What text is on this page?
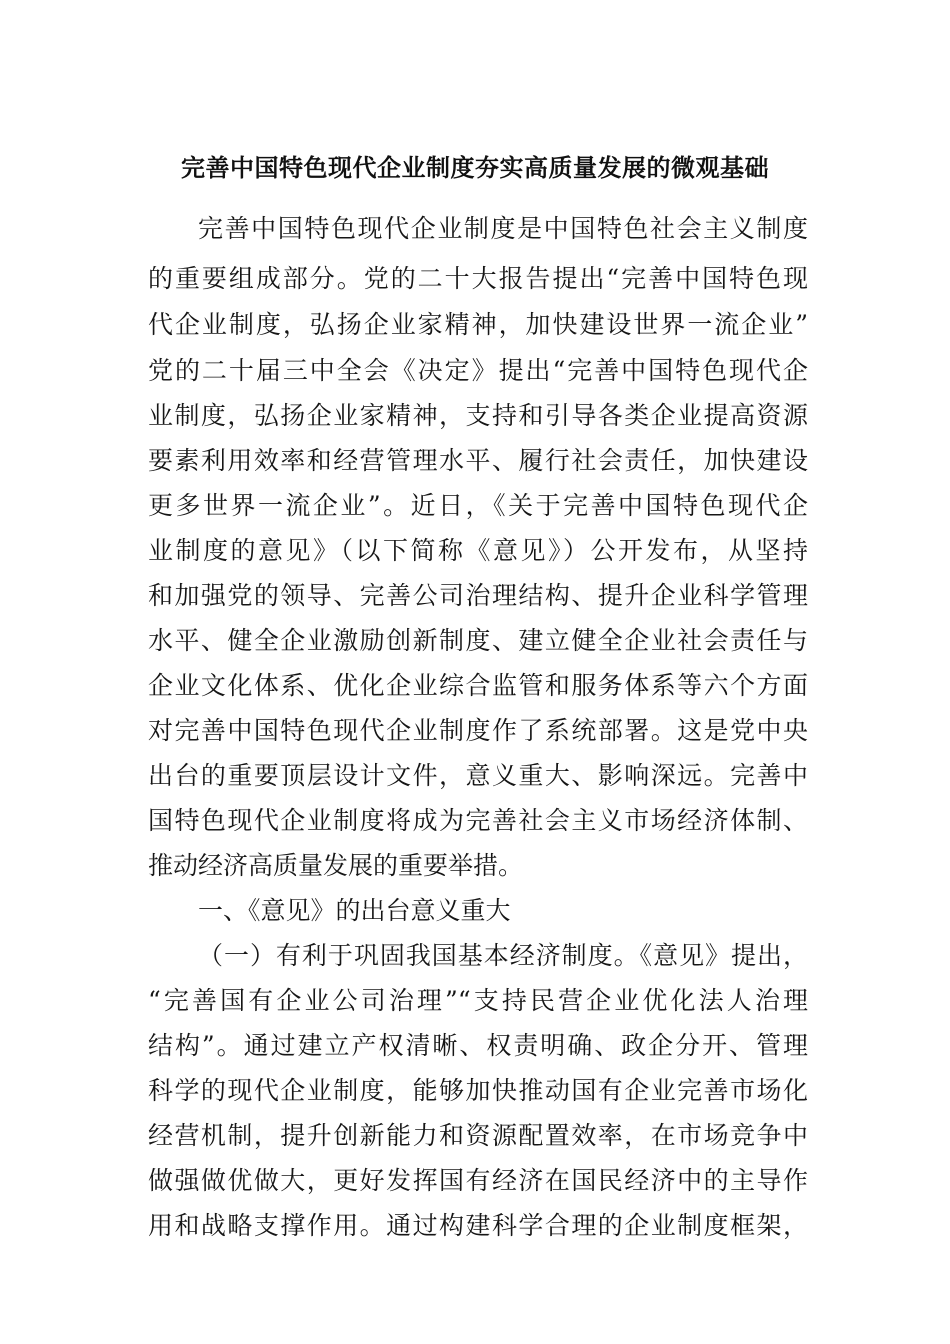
完善中国特色现代企业制度夯实高质量发展的微观基础
完善中国特色现代企业制度是中国特色社会主义制度
的重要组成部分。党的二十大报告提出“完善中国特色现
代企业制度，弘扬企业家精神，加快建设世界一流企业”
党的二十届三中全会《决定》提出“完善中国特色现代企
业制度，弘扬企业家精神，支持和引导各类企业提高资源
要素利用效率和经营管理水平、履行社会责任，加快建设
更多世界一流企业”。近日，《关于完善中国特色现代企
业制度的意见》（以下简称《意见》）公开发布，从坚持
和加强党的领导、完善公司治理结构、提升企业科学管理
水平、健全企业激励创新制度、建立健全企业社会责任与
企业文化体系、优化企业综合监管和服务体系等六个方面
对完善中国特色现代企业制度作了系统部署。这是党中央
出台的重要顶层设计文件，意义重大、影响深远。完善中
国特色现代企业制度将成为完善社会主义市场经济体制、
推动经济高质量发展的重要举措。
一、《意见》的出台意义重大
（一）有利于巩固我国基本经济制度。《意见》提出，
“完善国有企业公司治理”“支持民营企业优化法人治理
结构”。通过建立产权清晰、权责明确、政企分开、管理
科学的现代企业制度，能够加快推动国有企业完善市场化
经营机制，提升创新能力和资源配置效率，在市场竞争中
做强做优做大，更好发挥国有经济在国民经济中的主导作
用和战略支撑作用。通过构建科学合理的企业制度框架，
